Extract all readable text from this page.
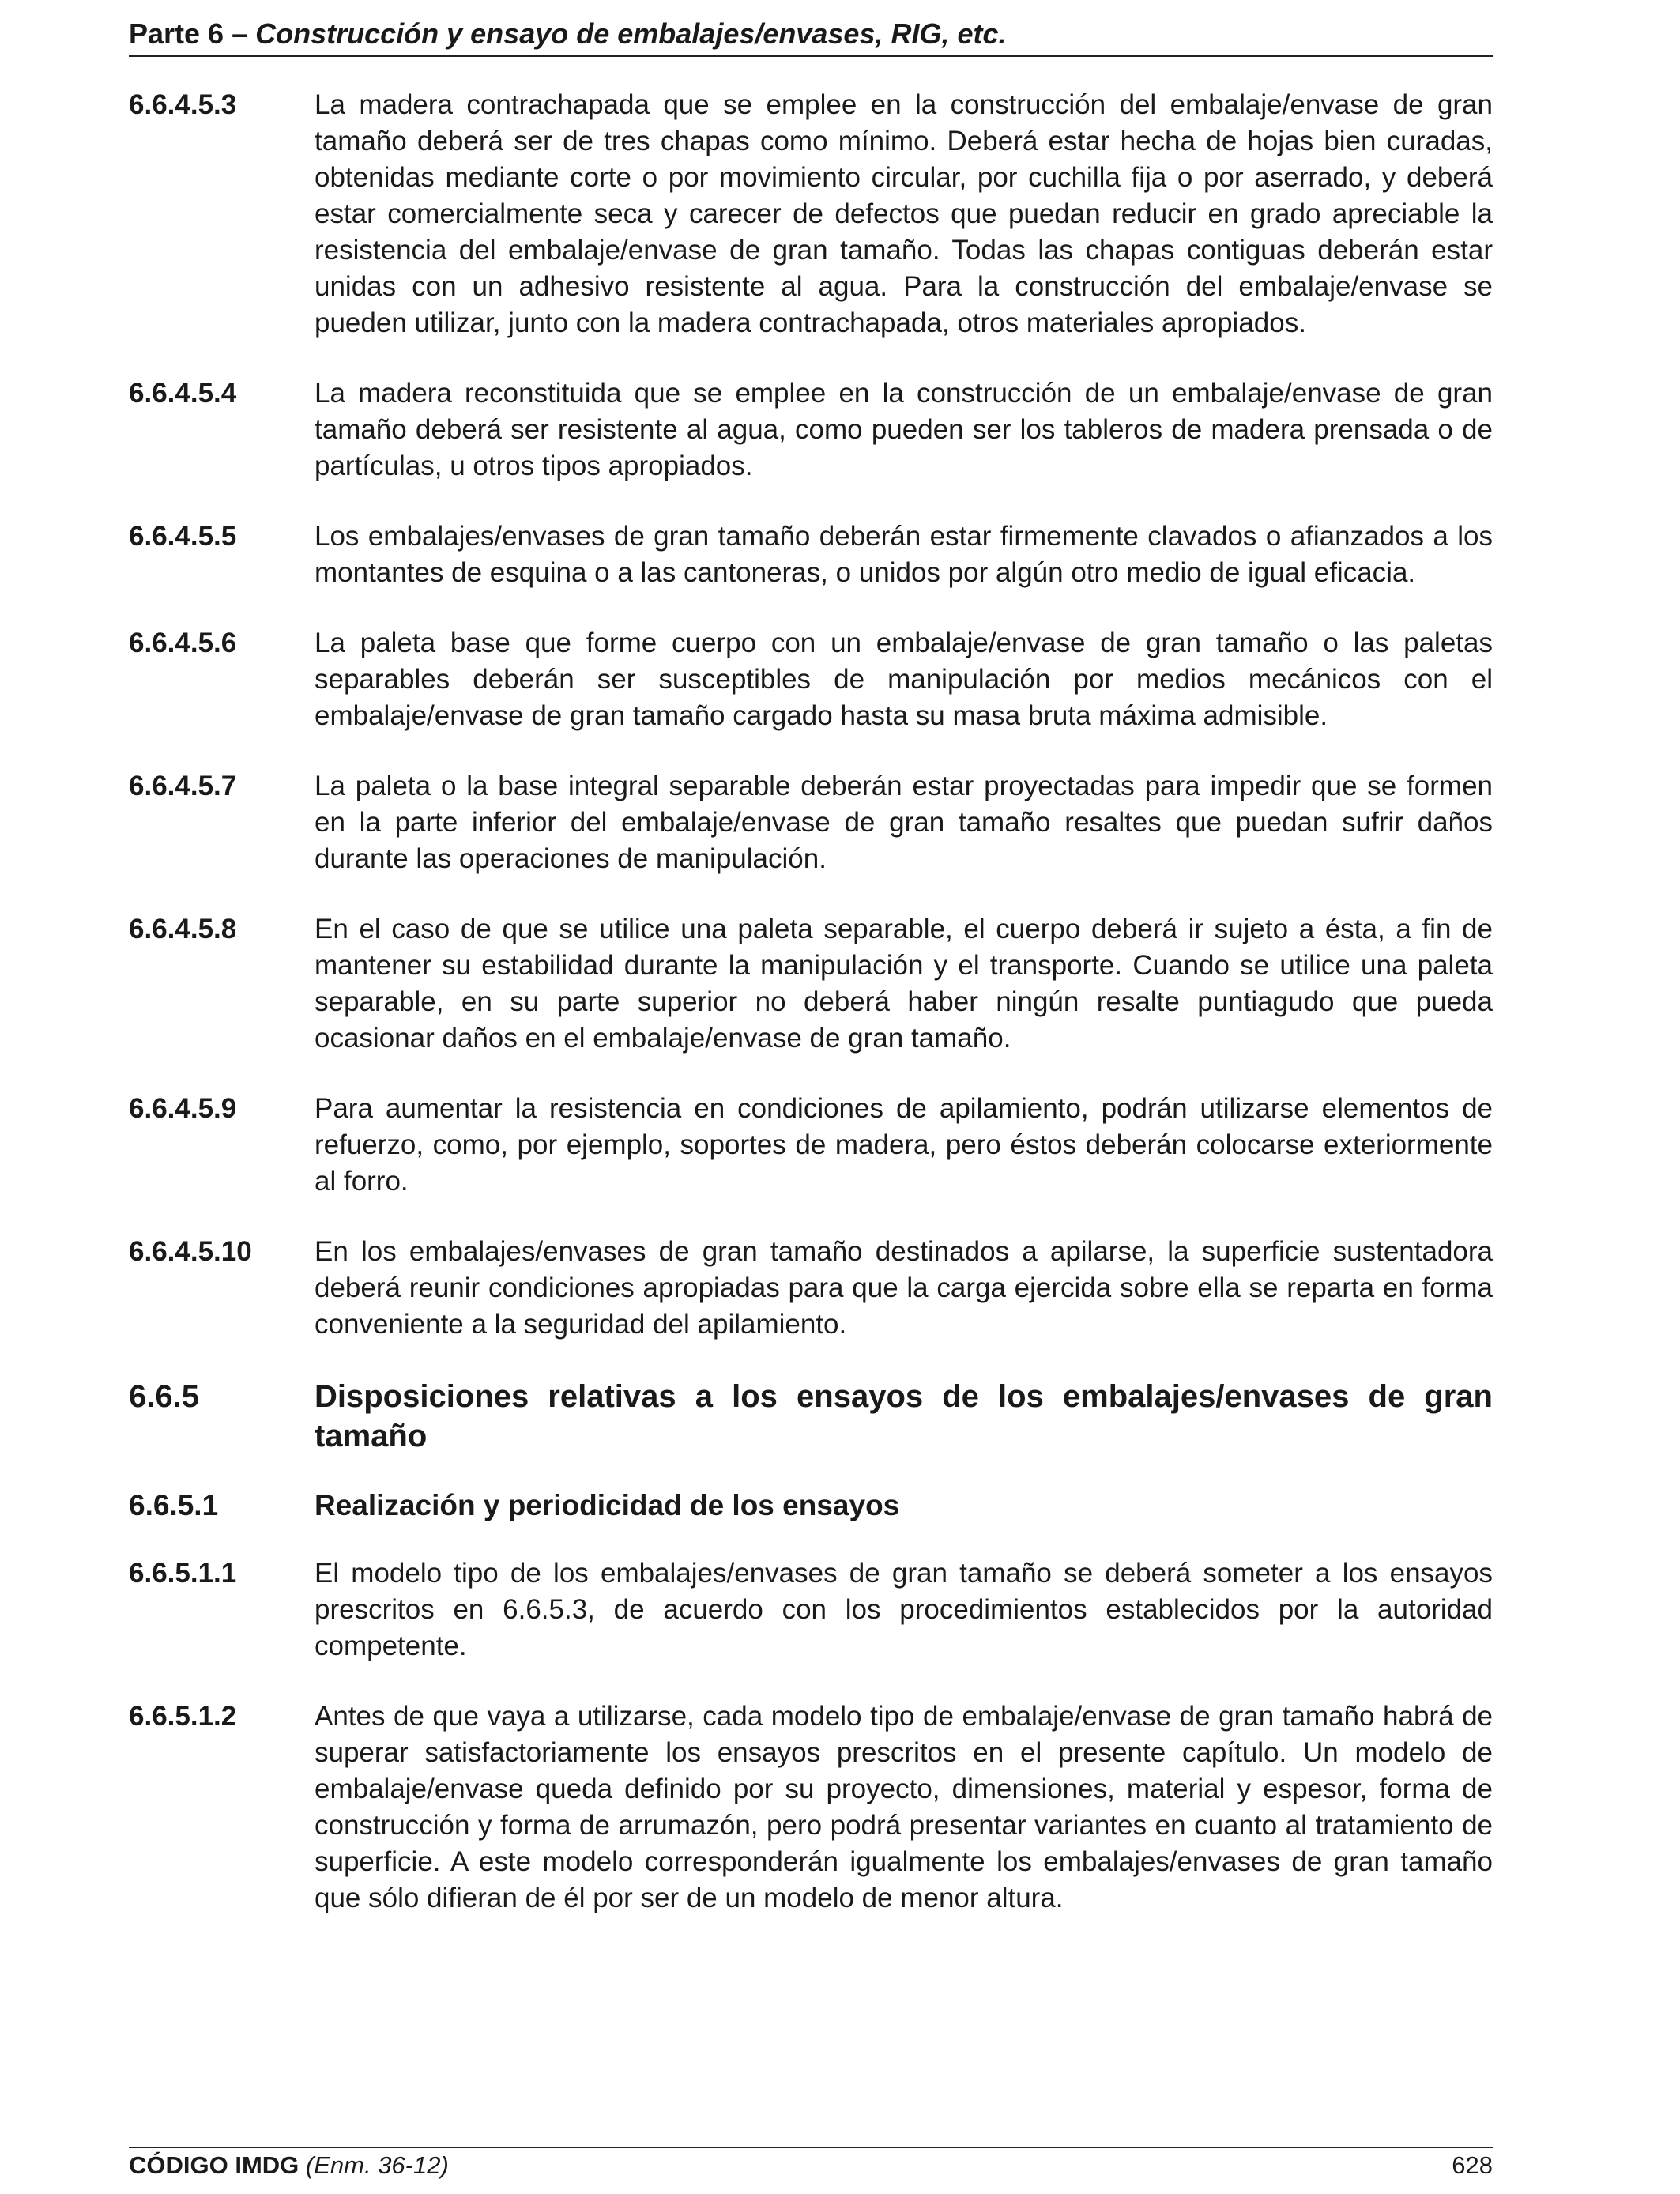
Parte 6 – Construcción y ensayo de embalajes/envases, RIG, etc.
6.6.4.5.3	La madera contrachapada que se emplee en la construcción del embalaje/envase de gran tamaño deberá ser de tres chapas como mínimo. Deberá estar hecha de hojas bien curadas, obtenidas mediante corte o por movimiento circular, por cuchilla fija o por aserrado, y deberá estar comercialmente seca y carecer de defectos que puedan reducir en grado apreciable la resistencia del embalaje/envase de gran tamaño. Todas las chapas contiguas deberán estar unidas con un adhesivo resistente al agua. Para la construcción del embalaje/envase se pueden utilizar, junto con la madera contrachapada, otros materiales apropiados.
6.6.4.5.4	La madera reconstituida que se emplee en la construcción de un embalaje/envase de gran tamaño deberá ser resistente al agua, como pueden ser los tableros de madera prensada o de partículas, u otros tipos apropiados.
6.6.4.5.5	Los embalajes/envases de gran tamaño deberán estar firmemente clavados o afianzados a los montantes de esquina o a las cantoneras, o unidos por algún otro medio de igual eficacia.
6.6.4.5.6	La paleta base que forme cuerpo con un embalaje/envase de gran tamaño o las paletas separables deberán ser susceptibles de manipulación por medios mecánicos con el embalaje/envase de gran tamaño cargado hasta su masa bruta máxima admisible.
6.6.4.5.7	La paleta o la base integral separable deberán estar proyectadas para impedir que se formen en la parte inferior del embalaje/envase de gran tamaño resaltes que puedan sufrir daños durante las operaciones de manipulación.
6.6.4.5.8	En el caso de que se utilice una paleta separable, el cuerpo deberá ir sujeto a ésta, a fin de mantener su estabilidad durante la manipulación y el transporte. Cuando se utilice una paleta separable, en su parte superior no deberá haber ningún resalte puntiagudo que pueda ocasionar daños en el embalaje/envase de gran tamaño.
6.6.4.5.9	Para aumentar la resistencia en condiciones de apilamiento, podrán utilizarse elementos de refuerzo, como, por ejemplo, soportes de madera, pero éstos deberán colocarse exteriormente al forro.
6.6.4.5.10	En los embalajes/envases de gran tamaño destinados a apilarse, la superficie sustentadora deberá reunir condiciones apropiadas para que la carga ejercida sobre ella se reparta en forma conveniente a la seguridad del apilamiento.
6.6.5	Disposiciones relativas a los ensayos de los embalajes/envases de gran tamaño
6.6.5.1	Realización y periodicidad de los ensayos
6.6.5.1.1	El modelo tipo de los embalajes/envases de gran tamaño se deberá someter a los ensayos prescritos en 6.6.5.3, de acuerdo con los procedimientos establecidos por la autoridad competente.
6.6.5.1.2	Antes de que vaya a utilizarse, cada modelo tipo de embalaje/envase de gran tamaño habrá de superar satisfactoriamente los ensayos prescritos en el presente capítulo. Un modelo de embalaje/envase queda definido por su proyecto, dimensiones, material y espesor, forma de construcción y forma de arrumazón, pero podrá presentar variantes en cuanto al tratamiento de superficie. A este modelo corresponderán igualmente los embalajes/envases de gran tamaño que sólo difieran de él por ser de un modelo de menor altura.
CÓDIGO IMDG (Enm. 36-12)	628
